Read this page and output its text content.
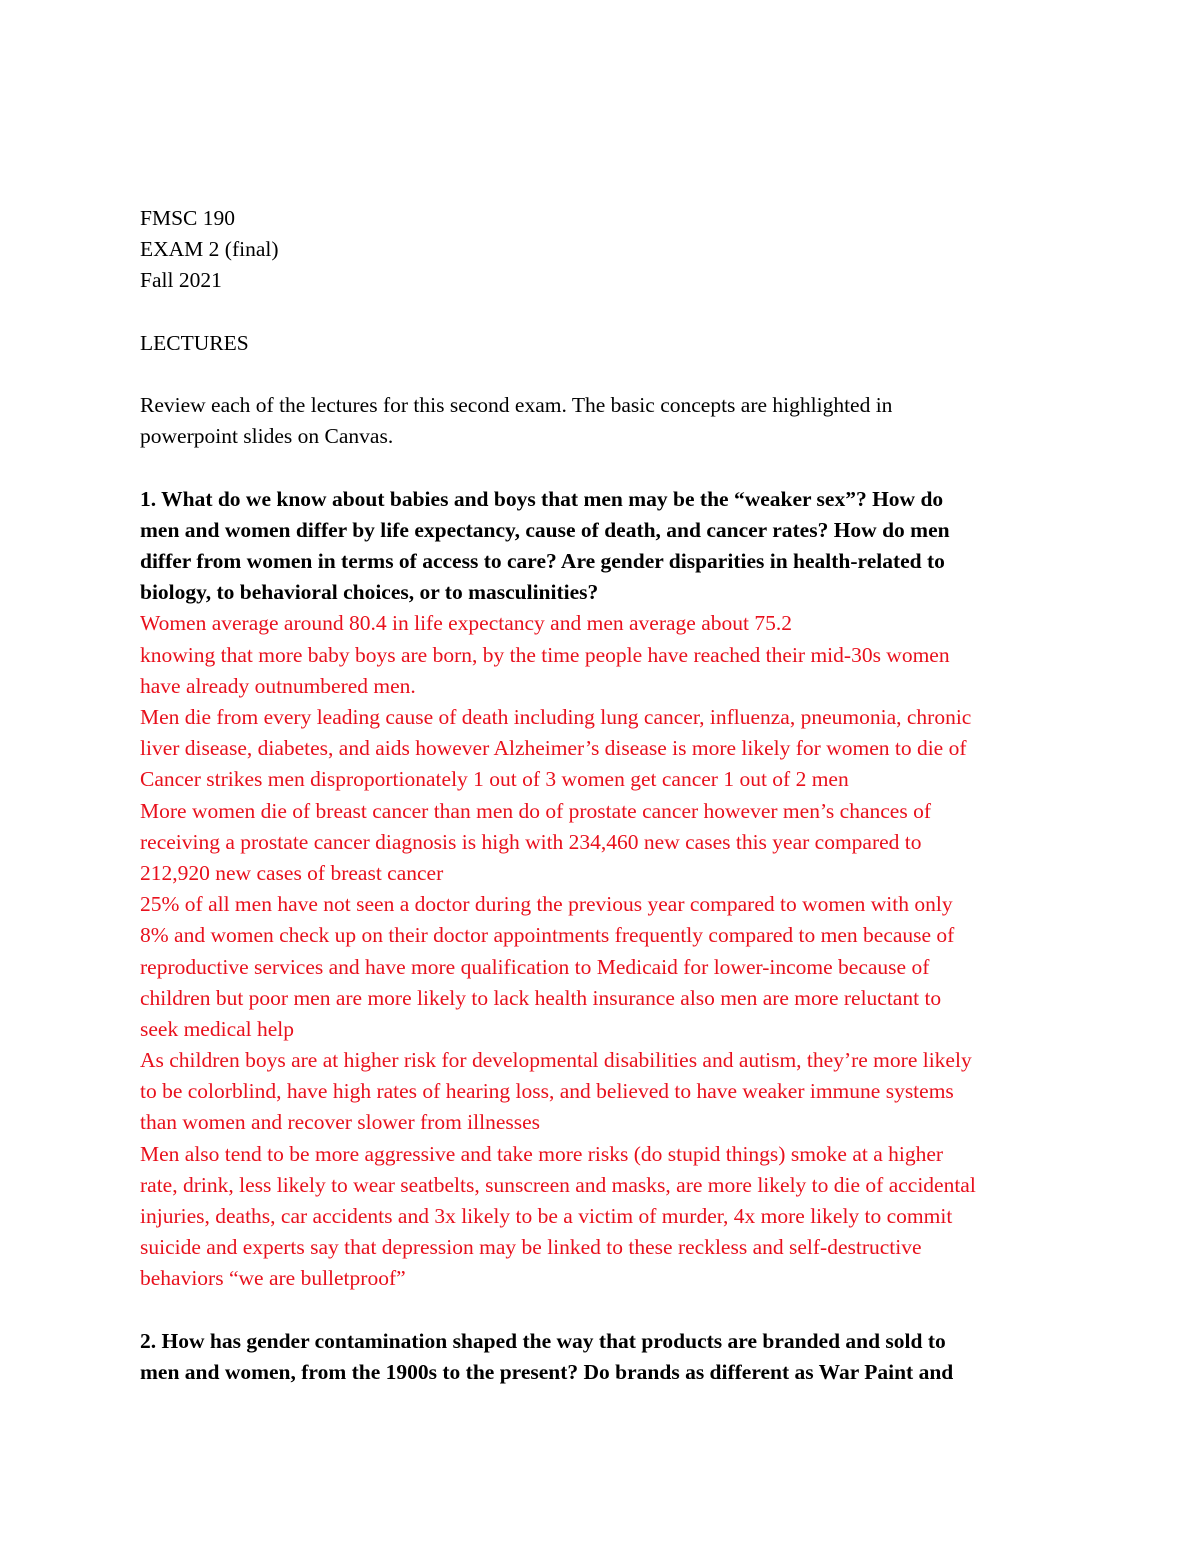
FMSC 190
EXAM 2 (final)
Fall 2021
LECTURES
Review each of the lectures for this second exam. The basic concepts are highlighted in
powerpoint slides on Canvas.
1. What do we know about babies and boys that men may be the “weaker sex”? How do
men and women differ by life expectancy, cause of death, and cancer rates? How do men
differ from women in terms of access to care? Are gender disparities in health-related to
biology, to behavioral choices, or to masculinities?
Women average around 80.4 in life expectancy and men average about 75.2
knowing that more baby boys are born, by the time people have reached their mid-30s women
have already outnumbered men.
Men die from every leading cause of death including lung cancer, influenza, pneumonia, chronic
liver disease, diabetes, and aids however Alzheimer’s disease is more likely for women to die of
Cancer strikes men disproportionately 1 out of 3 women get cancer 1 out of 2 men
More women die of breast cancer than men do of prostate cancer however men’s chances of
receiving a prostate cancer diagnosis is high with 234,460 new cases this year compared to
212,920 new cases of breast cancer
25% of all men have not seen a doctor during the previous year compared to women with only
8% and women check up on their doctor appointments frequently compared to men because of
reproductive services and have more qualification to Medicaid for lower-income because of
children but poor men are more likely to lack health insurance also men are more reluctant to
seek medical help
As children boys are at higher risk for developmental disabilities and autism, they’re more likely
to be colorblind, have high rates of hearing loss, and believed to have weaker immune systems
than women and recover slower from illnesses
Men also tend to be more aggressive and take more risks (do stupid things) smoke at a higher
rate, drink, less likely to wear seatbelts, sunscreen and masks, are more likely to die of accidental
injuries, deaths, car accidents and 3x likely to be a victim of murder, 4x more likely to commit
suicide and experts say that depression may be linked to these reckless and self-destructive
behaviors “we are bulletproof”
2. How has gender contamination shaped the way that products are branded and sold to
men and women, from the 1900s to the present? Do brands as different as War Paint and
